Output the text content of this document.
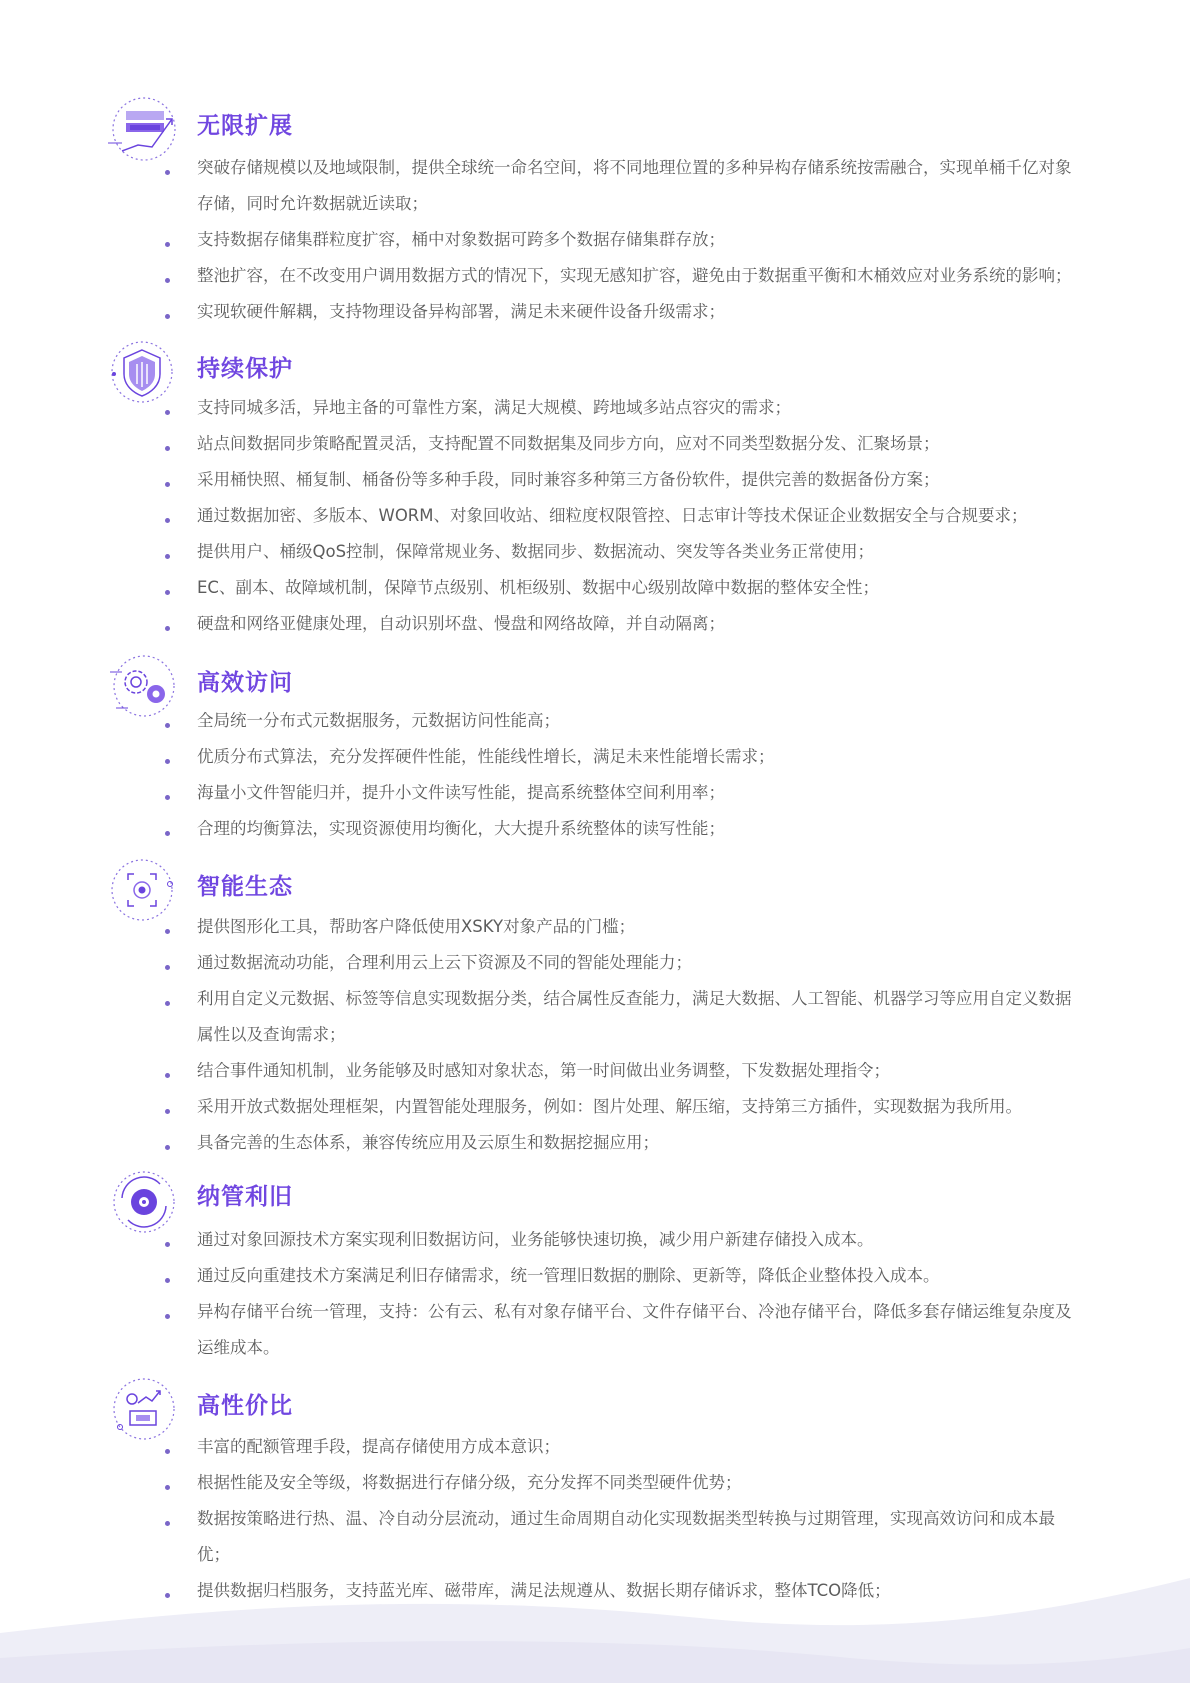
无限扩展
突破存储规模以及地域限制，提供全球统一命名空间，将不同地理位置的多种异构存储系统按需融合，实现单桶千亿对象存储，同时允许数据就近读取；
支持数据存储集群粒度扩容，桶中对象数据可跨多个数据存储集群存放；
整池扩容，在不改变用户调用数据方式的情况下，实现无感知扩容，避免由于数据重平衡和木桶效应对业务系统的影响；
实现软硬件解耦，支持物理设备异构部署，满足未来硬件设备升级需求；
持续保护
支持同城多活，异地主备的可靠性方案，满足大规模、跨地域多站点容灾的需求；
站点间数据同步策略配置灵活，支持配置不同数据集及同步方向，应对不同类型数据分发、汇聚场景；
采用桶快照、桶复制、桶备份等多种手段，同时兼容多种第三方备份软件，提供完善的数据备份方案；
通过数据加密、多版本、WORM、对象回收站、细粒度权限管控、日志审计等技术保证企业数据安全与合规要求；
提供用户、桶级QoS控制，保障常规业务、数据同步、数据流动、突发等各类业务正常使用；
EC、副本、故障域机制，保障节点级别、机柜级别、数据中心级别故障中数据的整体安全性；
硬盘和网络亚健康处理，自动识别坏盘、慢盘和网络故障，并自动隔离；
高效访问
全局统一分布式元数据服务，元数据访问性能高；
优质分布式算法，充分发挥硬件性能，性能线性增长，满足未来性能增长需求；
海量小文件智能归并，提升小文件读写性能，提高系统整体空间利用率；
合理的均衡算法，实现资源使用均衡化，大大提升系统整体的读写性能；
智能生态
提供图形化工具，帮助客户降低使用XSKY对象产品的门槛；
通过数据流动功能，合理利用云上云下资源及不同的智能处理能力；
利用自定义元数据、标签等信息实现数据分类，结合属性反查能力，满足大数据、人工智能、机器学习等应用自定义数据属性以及查询需求；
结合事件通知机制，业务能够及时感知对象状态，第一时间做出业务调整，下发数据处理指令；
采用开放式数据处理框架，内置智能处理服务，例如：图片处理、解压缩，支持第三方插件，实现数据为我所用。
具备完善的生态体系，兼容传统应用及云原生和数据挖掘应用；
纳管利旧
通过对象回源技术方案实现利旧数据访问，业务能够快速切换，减少用户新建存储投入成本。
通过反向重建技术方案满足利旧存储需求，统一管理旧数据的删除、更新等，降低企业整体投入成本。
异构存储平台统一管理，支持：公有云、私有对象存储平台、文件存储平台、冷池存储平台，降低多套存储运维复杂度及运维成本。
高性价比
丰富的配额管理手段，提高存储使用方成本意识；
根据性能及安全等级，将数据进行存储分级，充分发挥不同类型硬件优势；
数据按策略进行热、温、冷自动分层流动，通过生命周期自动化实现数据类型转换与过期管理，实现高效访问和成本最优；
提供数据归档服务，支持蓝光库、磁带库，满足法规遵从、数据长期存储诉求，整体TCO降低；
